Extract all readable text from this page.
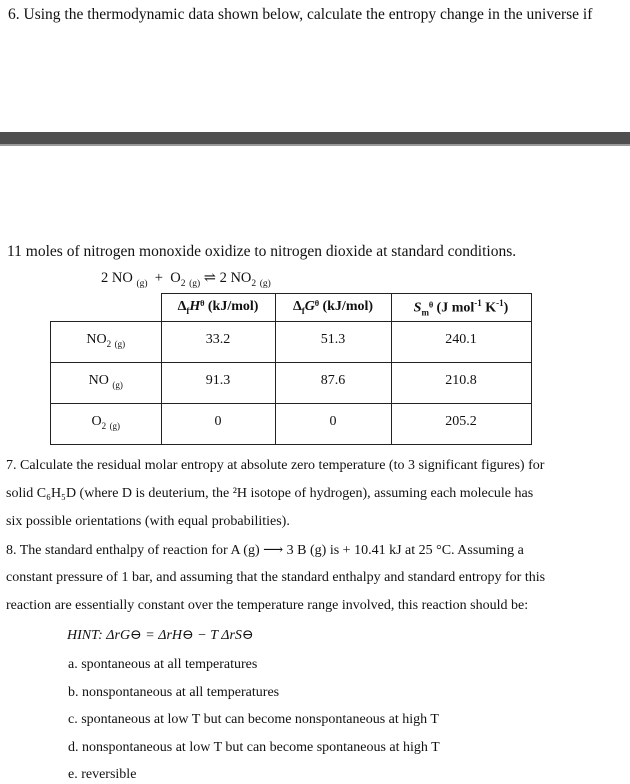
6. Using the thermodynamic data shown below, calculate the entropy change in the universe if
11 moles of nitrogen monoxide oxidize to nitrogen dioxide at standard conditions.
2 NO $_{(g)} + O_2$ $_{(g)}$ ⇌ 2 $NO_2$ $_{(g)}$
	$\Delta_fHᶿ$ (kJ/mol)	$\Delta_fGᶿ$ (kJ/mol)	$S_mᶿ$ (J mol$^{-1}$ $K^{-1}$)
$NO_2$ $_{(g)}$	33.2	51.3	240.1
NO $_{(g)}$	91.3	87.6	210.8
$O_2$ $_{(g)}$	0	0	205.2
7. Calculate the residual molar entropy at absolute zero temperature (to 3 significant figures) for
solid C₆H₅D (where D is deuterium, the ²H isotope of hydrogen), assuming each molecule has
six possible orientations (with equal probabilities).
8. The standard enthalpy of reaction for A (g) ⟶ 3 B (g) is + 10.41 kJ at 25 °C. Assuming a
constant pressure of 1 bar, and assuming that the standard enthalpy and standard entropy for this
reaction are essentially constant over the temperature range involved, this reaction should be:
HINT: ΔrG⊖ = ΔrH⊖ − T ΔrS⊖
a. spontaneous at all temperatures
b. nonspontaneous at all temperatures
c. spontaneous at low T but can become nonspontaneous at high T
d. nonspontaneous at low T but can become spontaneous at high T
e. reversible
